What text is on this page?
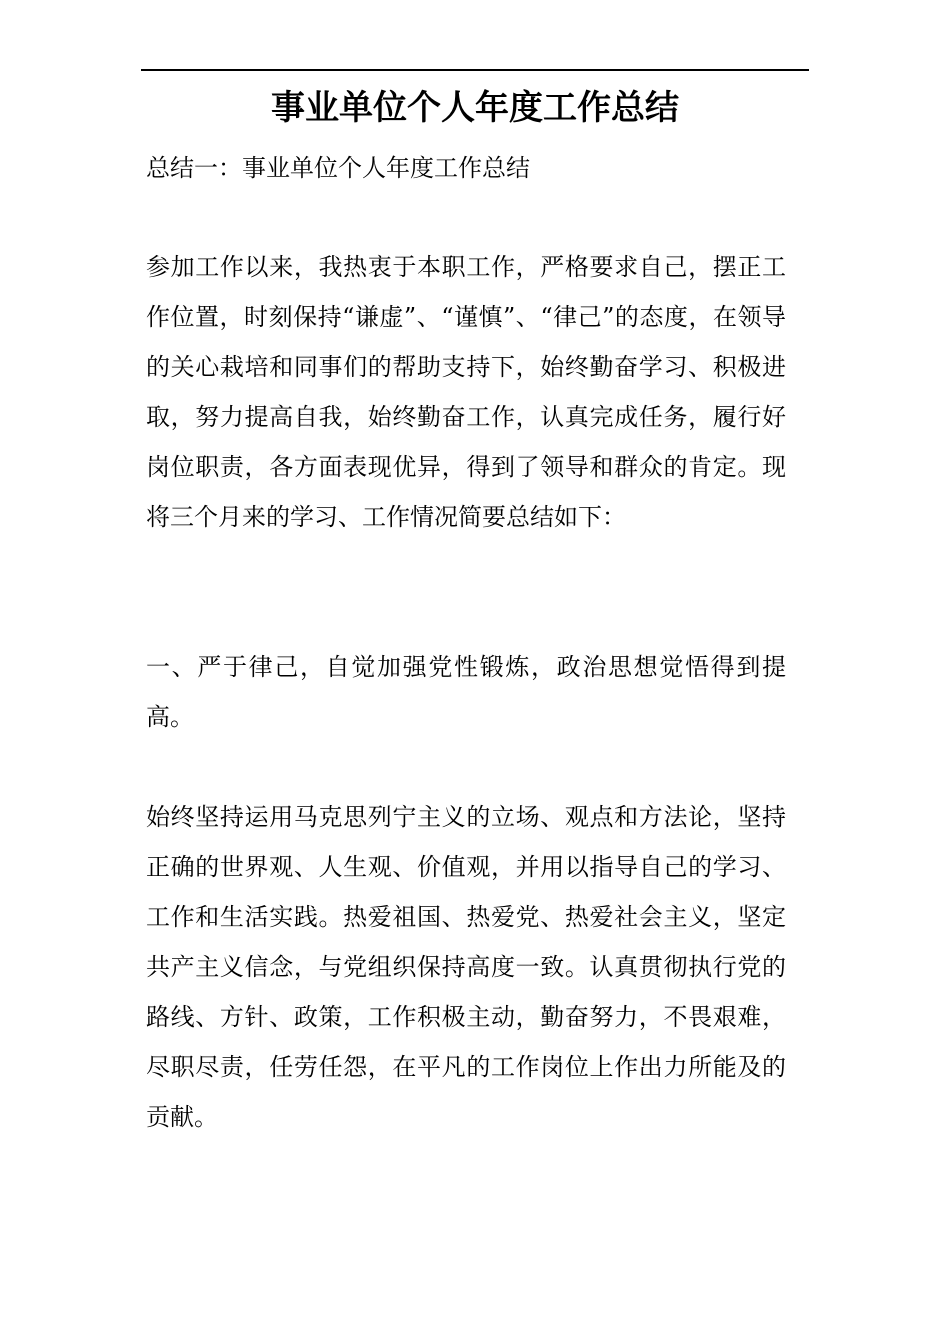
事业单位个人年度工作总结

总结一：事业单位个人年度工作总结

参加工作以来，我热衷于本职工作，严格要求自己，摆正工作位置，时刻保持“谦虚”、“谨慎”、“律己”的态度，在领导的关心栽培和同事们的帮助支持下，始终勤奋学习、积极进取，努力提高自我，始终勤奋工作，认真完成任务，履行好岗位职责，各方面表现优异，得到了领导和群众的肯定。现将三个月来的学习、工作情况简要总结如下：

一、严于律己，自觉加强党性锻炼，政治思想觉悟得到提高。

始终坚持运用马克思列宁主义的立场、观点和方法论，坚持正确的世界观、人生观、价值观，并用以指导自己的学习、工作和生活实践。热爱祖国、热爱党、热爱社会主义，坚定共产主义信念，与党组织保持高度一致。认真贯彻执行党的路线、方针、政策，工作积极主动，勤奋努力，不畏艰难，尽职尽责，任劳任怨，在平凡的工作岗位上作出力所能及的贡献。
